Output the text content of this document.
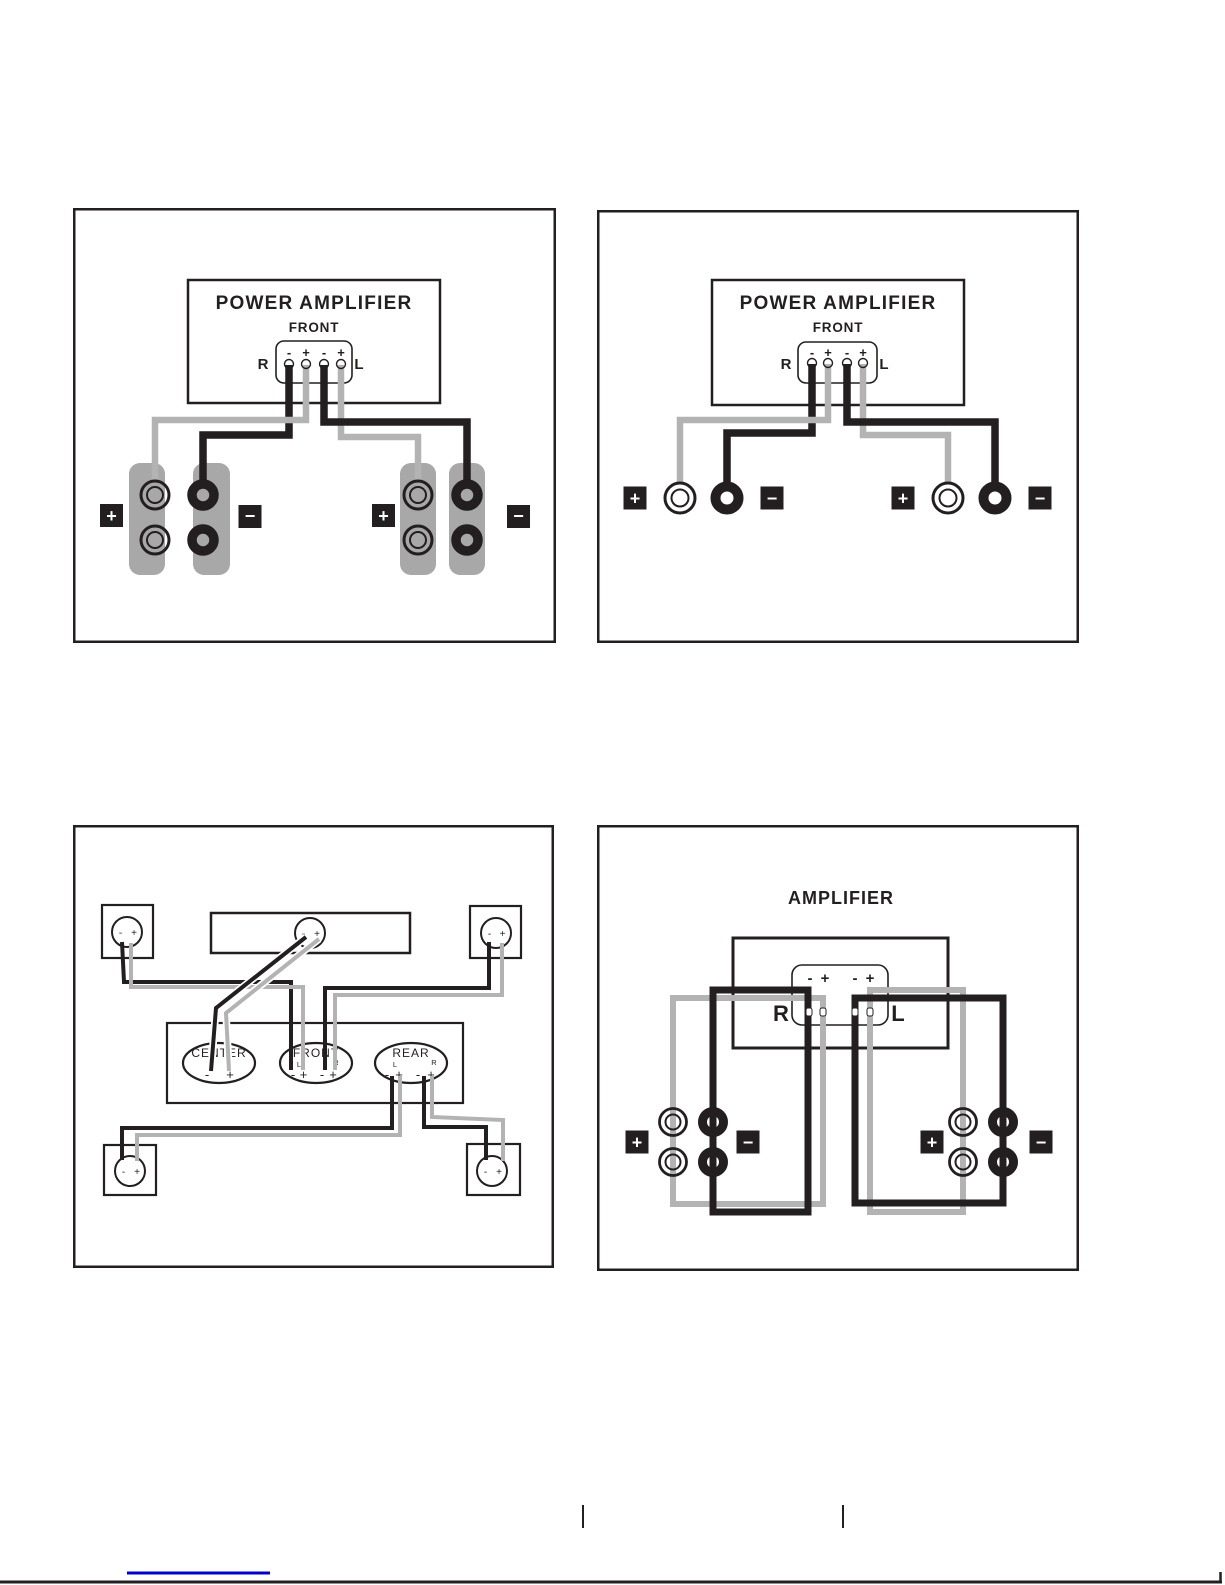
POWER AMPLIFIER
FRONT
- + - +
R	L
+	−	+	−
POWER AMPLIFIER
FRONT
- + - +
R	L
+	−	+	−
- +	- +	- +
CENTER
- +
FRONT
L	R
- + - +
REAR
L	R
- + - +
- +	- +
AMPLIFIER
- + - +
R	L
+	−	+	−
